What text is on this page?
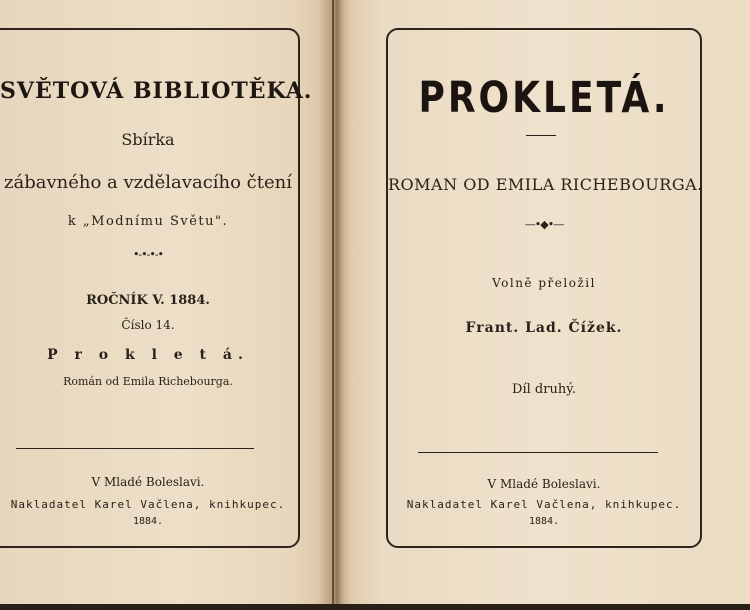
SVĚTOVÁ BIBLIOTĚKA.
Sbírka
zábavného a vzdělavacího čtení
k „Modnímu Světu".
•-•-•-•
ROČNÍK V. 1884.
Číslo 14.
P r o k l e t á.
Román od Emila Richebourga.
V Mladé Boleslavi.
Nakladatel Karel Vačlena, knihkupec.
1884.
PROKLETÁ.
ROMAN OD EMILA RICHEBOURGA.
—•◆•—
Volně přeložil
Frant. Lad. Čížek.
Díl druhý.
V Mladé Boleslavi.
Nakladatel Karel Vačlena, knihkupec.
1884.
